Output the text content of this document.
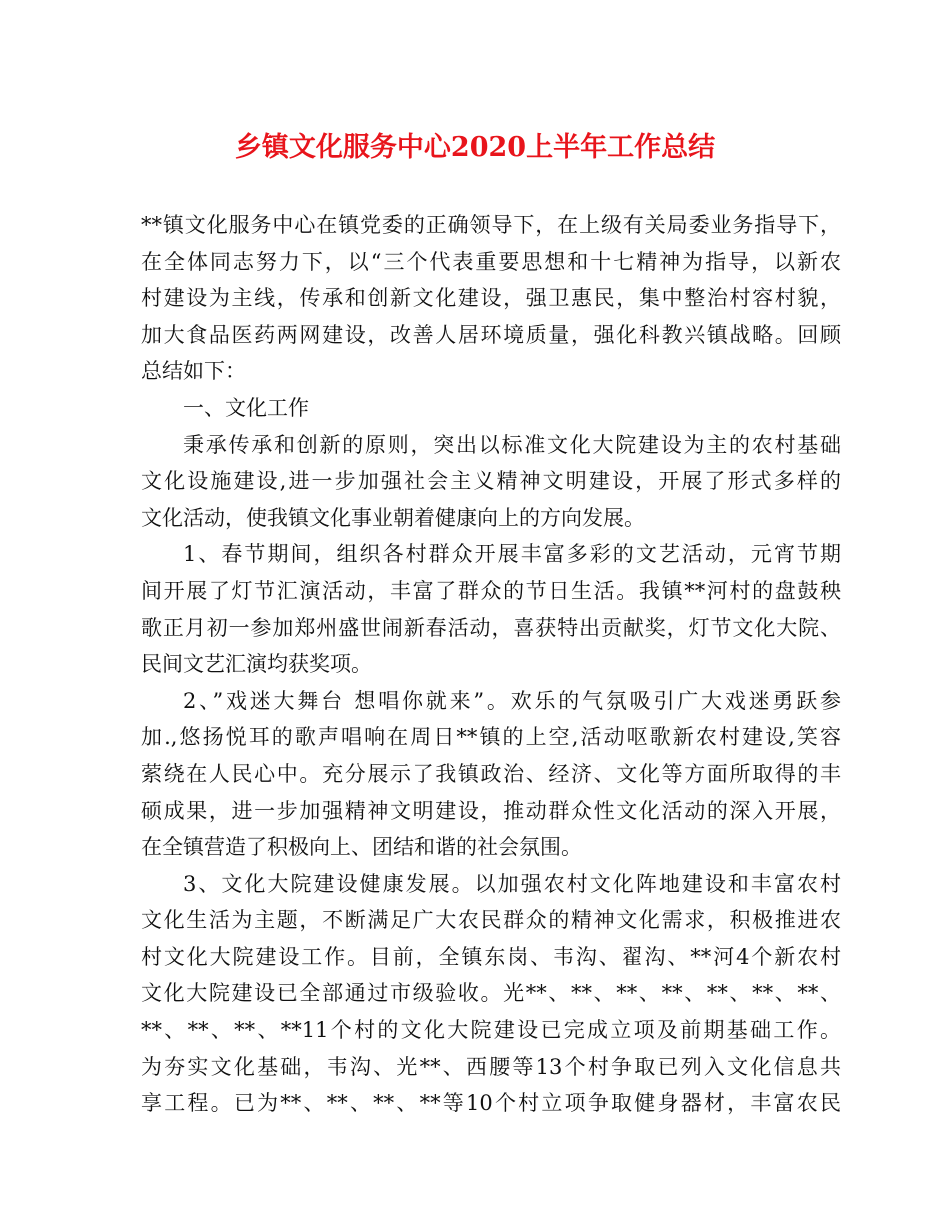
乡镇文化服务中心2020上半年工作总结
**镇文化服务中心在镇党委的正确领导下，在上级有关局委业务指导下，
在全体同志努力下，以“三个代表重要思想和十七精神为指导，以新农
村建设为主线，传承和创新文化建设，强卫惠民，集中整治村容村貌，
加大食品医药两网建设，改善人居环境质量，强化科教兴镇战略。回顾
总结如下：
一、文化工作
秉承传承和创新的原则，突出以标准文化大院建设为主的农村基础
文化设施建设,进一步加强社会主义精神文明建设，开展了形式多样的
文化活动，使我镇文化事业朝着健康向上的方向发展。
1、春节期间，组织各村群众开展丰富多彩的文艺活动，元宵节期
间开展了灯节汇演活动，丰富了群众的节日生活。我镇**河村的盘鼓秧
歌正月初一参加郑州盛世闹新春活动，喜获特出贡献奖，灯节文化大院、
民间文艺汇演均获奖项。
2、”戏迷大舞台 想唱你就来”。欢乐的气氛吸引广大戏迷勇跃参
加.,悠扬悦耳的歌声唱响在周日**镇的上空,活动呕歌新农村建设,笑容
萦绕在人民心中。充分展示了我镇政治、经济、文化等方面所取得的丰
硕成果，进一步加强精神文明建设，推动群众性文化活动的深入开展，
在全镇营造了积极向上、团结和谐的社会氛围。
3、文化大院建设健康发展。以加强农村文化阵地建设和丰富农村
文化生活为主题，不断满足广大农民群众的精神文化需求，积极推进农
村文化大院建设工作。目前，全镇东岗、韦沟、翟沟、**河4个新农村
文化大院建设已全部通过市级验收。光**、**、**、**、**、**、**、
**、**、**、**11个村的文化大院建设已完成立项及前期基础工作。
为夯实文化基础，韦沟、光**、西腰等13个村争取已列入文化信息共
享工程。已为**、**、**、**等10个村立项争取健身器材，丰富农民
